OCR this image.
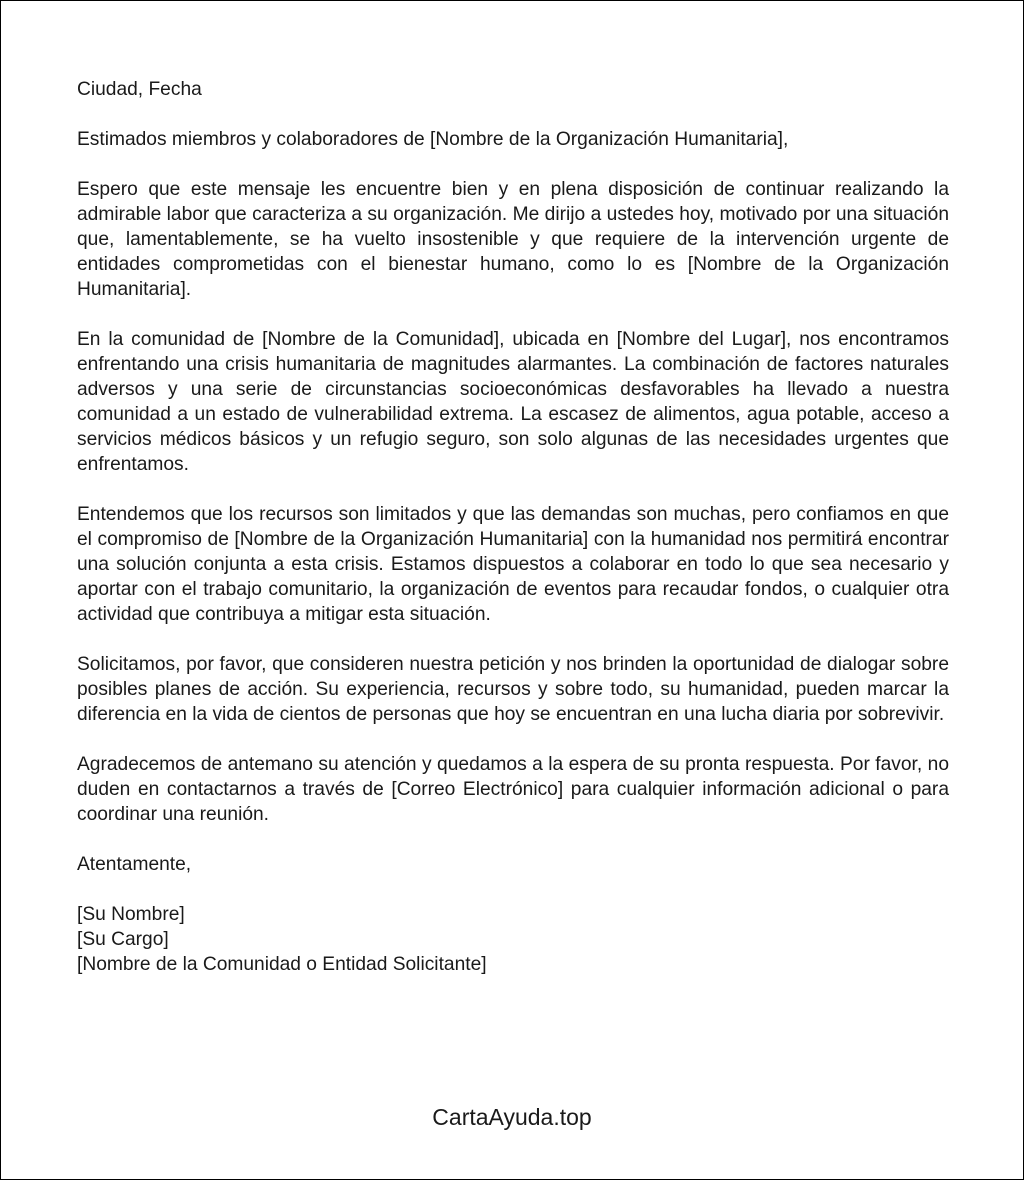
Ciudad, Fecha

Estimados miembros y colaboradores de [Nombre de la Organización Humanitaria],

Espero que este mensaje les encuentre bien y en plena disposición de continuar realizando la admirable labor que caracteriza a su organización. Me dirijo a ustedes hoy, motivado por una situación que, lamentablemente, se ha vuelto insostenible y que requiere de la intervención urgente de entidades comprometidas con el bienestar humano, como lo es [Nombre de la Organización Humanitaria].

En la comunidad de [Nombre de la Comunidad], ubicada en [Nombre del Lugar], nos encontramos enfrentando una crisis humanitaria de magnitudes alarmantes. La combinación de factores naturales adversos y una serie de circunstancias socioeconómicas desfavorables ha llevado a nuestra comunidad a un estado de vulnerabilidad extrema. La escasez de alimentos, agua potable, acceso a servicios médicos básicos y un refugio seguro, son solo algunas de las necesidades urgentes que enfrentamos.

Entendemos que los recursos son limitados y que las demandas son muchas, pero confiamos en que el compromiso de [Nombre de la Organización Humanitaria] con la humanidad nos permitirá encontrar una solución conjunta a esta crisis. Estamos dispuestos a colaborar en todo lo que sea necesario y aportar con el trabajo comunitario, la organización de eventos para recaudar fondos, o cualquier otra actividad que contribuya a mitigar esta situación.

Solicitamos, por favor, que consideren nuestra petición y nos brinden la oportunidad de dialogar sobre posibles planes de acción. Su experiencia, recursos y sobre todo, su humanidad, pueden marcar la diferencia en la vida de cientos de personas que hoy se encuentran en una lucha diaria por sobrevivir.

Agradecemos de antemano su atención y quedamos a la espera de su pronta respuesta. Por favor, no duden en contactarnos a través de [Correo Electrónico] para cualquier información adicional o para coordinar una reunión.

Atentamente,

[Su Nombre]
[Su Cargo]
[Nombre de la Comunidad o Entidad Solicitante]

CartaAyuda.top
